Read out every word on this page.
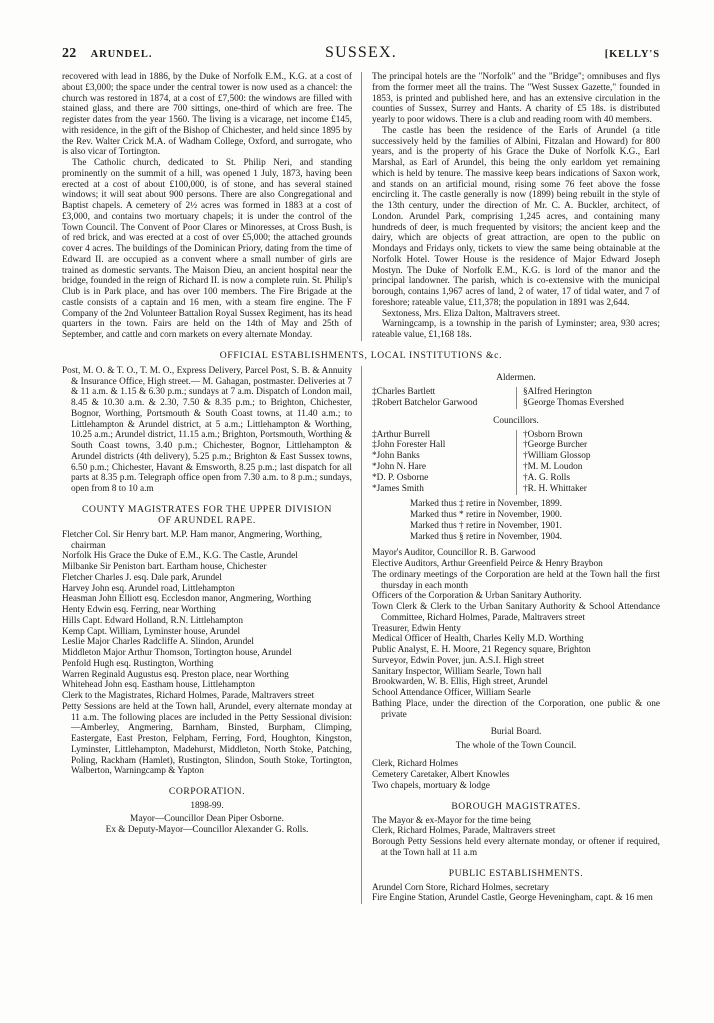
22 ARUNDEL.	SUSSEX.	[KELLY'S

recovered with lead in 1886, by the Duke of Norfolk E.M., K.G. at a cost of about £3,000; the space under the central tower is now used as a chancel: the church was restored in 1874, at a cost of £7,500: the windows are filled with stained glass, and there are 700 sittings, one-third of which are free. The register dates from the year 1560. The living is a vicarage, net income £145, with residence, in the gift of the Bishop of Chichester, and held since 1895 by the Rev. Walter Crick M.A. of Wadham College, Oxford, and surrogate, who is also vicar of Tortington.

The Catholic church, dedicated to St. Philip Neri, and standing prominently on the summit of a hill, was opened 1 July, 1873, having been erected at a cost of about £100,000, is of stone, and has several stained windows; it will seat about 900 persons. There are also Congregational and Baptist chapels. A cemetery of 2½ acres was formed in 1883 at a cost of £3,000, and contains two mortuary chapels; it is under the control of the Town Council. The Convent of Poor Clares or Minoresses, at Cross Bush, is of red brick, and was erected at a cost of over £5,000; the attached grounds cover 4 acres. The buildings of the Dominican Priory, dating from the time of Edward II. are occupied as a convent where a small number of girls are trained as domestic servants. The Maison Dieu, an ancient hospital near the bridge, founded in the reign of Richard II. is now a complete ruin. St. Philip's Club is in Park place, and has over 100 members. The Fire Brigade at the castle consists of a captain and 16 men, with a steam fire engine. The F Company of the 2nd Volunteer Battalion Royal Sussex Regiment, has its head quarters in the town. Fairs are held on the 14th of May and 25th of September, and cattle and corn markets on every alternate Monday.

The principal hotels are the "Norfolk" and the "Bridge"; omnibuses and flys from the former meet all the trains. The "West Sussex Gazette," founded in 1853, is printed and published here, and has an extensive circulation in the counties of Sussex, Surrey and Hants. A charity of £5 18s. is distributed yearly to poor widows. There is a club and reading room with 40 members.

The castle has been the residence of the Earls of Arundel (a title successively held by the families of Albini, Fitzalan and Howard) for 800 years, and is the property of his Grace the Duke of Norfolk K.G., Earl Marshal, as Earl of Arundel, this being the only earldom yet remaining which is held by tenure. The massive keep bears indications of Saxon work, and stands on an artificial mound, rising some 76 feet above the fosse encircling it. The castle generally is now (1899) being rebuilt in the style of the 13th century, under the direction of Mr. C. A. Buckler, architect, of London. Arundel Park, comprising 1,245 acres, and containing many hundreds of deer, is much frequented by visitors; the ancient keep and the dairy, which are objects of great attraction, are open to the public on Mondays and Fridays only, tickets to view the same being obtainable at the Norfolk Hotel. Tower House is the residence of Major Edward Joseph Mostyn. The Duke of Norfolk E.M., K.G. is lord of the manor and the principal landowner. The parish, which is co-extensive with the municipal borough, contains 1,967 acres of land, 2 of water, 17 of tidal water, and 7 of foreshore; rateable value, £11,378; the population in 1891 was 2,644.

Sextoness, Mrs. Eliza Dalton, Maltravers street.

Warningcamp, is a township in the parish of Lyminster; area, 930 acres; rateable value, £1,168 18s.

OFFICIAL ESTABLISHMENTS, LOCAL INSTITUTIONS &c.

Post, M. O. & T. O., T. M. O., Express Delivery, Parcel Post, S. B. & Annuity & Insurance Office, High street.— M. Gahagan, postmaster. Deliveries at 7 & 11 a.m. & 1.15 & 6.30 p.m.; sundays at 7 a.m. Dispatch of London mail, 8.45 & 10.30 a.m. & 2.30, 7.50 & 8.35 p.m.; to Brighton, Chichester, Bognor, Worthing, Portsmouth & South Coast towns, at 11.40 a.m.; to Littlehampton & Arundel district, at 5 a.m.; Littlehampton & Worthing, 10.25 a.m.; Arundel district, 11.15 a.m.; Brighton, Portsmouth, Worthing & South Coast towns, 3.40 p.m.; Chichester, Bognor, Littlehampton & Arundel districts (4th delivery), 5.25 p.m.; Brighton & East Sussex towns, 6.50 p.m.; Chichester, Havant & Emsworth, 8.25 p.m.; last dispatch for all parts at 8.35 p.m. Telegraph office open from 7.30 a.m. to 8 p.m.; sundays, open from 8 to 10 a.m

COUNTY MAGISTRATES FOR THE UPPER DIVISION
OF ARUNDEL RAPE.

Fletcher Col. Sir Henry bart. M.P. Ham manor, Angmering, Worthing, chairman

Norfolk His Grace the Duke of E.M., K.G. The Castle, Arundel

Milbanke Sir Peniston bart. Eartham house, Chichester

Fletcher Charles J. esq. Dale park, Arundel

Harvey John esq. Arundel road, Littlehampton

Heasman John Elliott esq. Ecclesdon manor, Angmering, Worthing

Henty Edwin esq. Ferring, near Worthing

Hills Capt. Edward Holland, R.N. Littlehampton

Kemp Capt. William, Lyminster house, Arundel

Leslie Major Charles Radcliffe A. Slindon, Arundel

Middleton Major Arthur Thomson, Tortington house, Arundel

Penfold Hugh esq. Rustington, Worthing

Warren Reginald Augustus esq. Preston place, near Worthing

Whitehead John esq. Eastham house, Littlehampton

Clerk to the Magistrates, Richard Holmes, Parade, Maltravers street

Petty Sessions are held at the Town hall, Arundel, every alternate monday at 11 a.m. The following places are included in the Petty Sessional division:—Amberley, Angmering, Barnham, Binsted, Burpham, Climping, Eastergate, East Preston, Felpham, Ferring, Ford, Houghton, Kingston, Lyminster, Littlehampton, Madehurst, Middleton, North Stoke, Patching, Poling, Rackham (Hamlet), Rustington, Slindon, South Stoke, Tortington, Walberton, Warningcamp & Yapton

CORPORATION.
1898-99.

Mayor—Councillor Dean Piper Osborne.

Ex & Deputy-Mayor—Councillor Alexander G. Rolls.

Aldermen.

‡Charles Bartlett

‡Robert Batchelor Garwood

§Alfred Herington

§George Thomas Evershed

Councillors.

‡Arthur Burrell

‡John Forester Hall

*John Banks

*John N. Hare

*D. P. Osborne

*James Smith

†Osborn Brown

†George Burcher

†William Glossop

†M. M. Loudon

†A. G. Rolls

†R. H. Whittaker

Marked thus ‡ retire in November, 1899.

Marked thus * retire in November, 1900.

Marked thus † retire in November, 1901.

Marked thus § retire in November, 1904.

Mayor's Auditor, Councillor R. B. Garwood

Elective Auditors, Arthur Greenfield Peirce & Henry Braybon

The ordinary meetings of the Corporation are held at the Town hall the first thursday in each month

Officers of the Corporation & Urban Sanitary Authority.

Town Clerk & Clerk to the Urban Sanitary Authority & School Attendance Committee, Richard Holmes, Parade, Maltravers street

Treasurer, Edwin Henty

Medical Officer of Health, Charles Kelly M.D. Worthing

Public Analyst, E. H. Moore, 21 Regency square, Brighton

Surveyor, Edwin Pover, jun. A.S.I. High street

Sanitary Inspector, William Searle, Town hall

Brookwarden, W. B. Ellis, High street, Arundel

School Attendance Officer, William Searle

Bathing Place, under the direction of the Corporation, one public & one private

Burial Board.
The whole of the Town Council.

Clerk, Richard Holmes

Cemetery Caretaker, Albert Knowles

Two chapels, mortuary & lodge

BOROUGH MAGISTRATES.

The Mayor & ex-Mayor for the time being

Clerk, Richard Holmes, Parade, Maltravers street

Borough Petty Sessions held every alternate monday, or oftener if required, at the Town hall at 11 a.m

PUBLIC ESTABLISHMENTS.

Arundel Corn Store, Richard Holmes, secretary

Fire Engine Station, Arundel Castle, George Heveningham, capt. & 16 men
